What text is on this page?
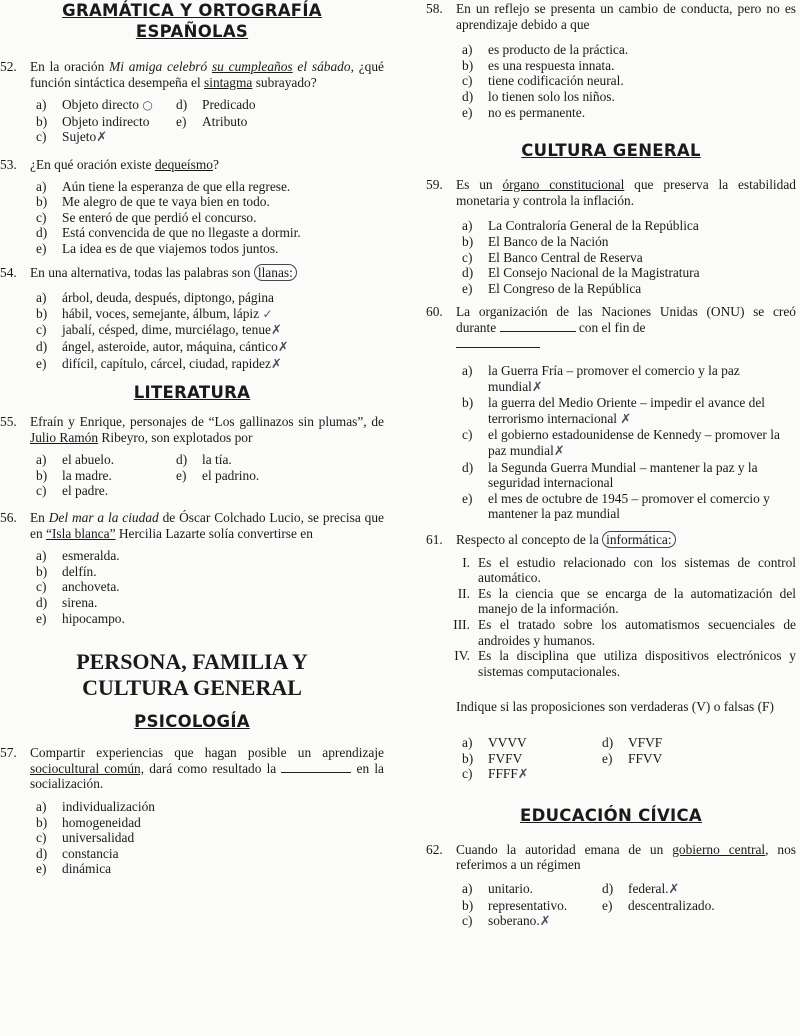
GRAMÁTICA Y ORTOGRAFÍA
ESPAÑOLAS
52. En la oración Mi amiga celebró su cumpleaños el sábado, ¿qué función sintáctica desempeña el sintagma subrayado?
a)	Objeto directo ○	d)	Predicado
b)	Objeto indirecto	e)	Atributo
c)	Sujeto✗
53. ¿En qué oración existe dequeísmo?
a)	Aún tiene la esperanza de que ella regrese.
b)	Me alegro de que te vaya bien en todo.
c)	Se enteró de que perdió el concurso.
d)	Está convencida de que no llegaste a dormir.
e)	La idea es de que viajemos todos juntos.
54. En una alternativa, todas las palabras son llanas:
a)	árbol, deuda, después, diptongo, página
b)	hábil, voces, semejante, álbum, lápiz ✓
c)	jabalí, césped, dime, murciélago, tenue✗
d)	ángel, asteroide, autor, máquina, cántico✗
e)	difícil, capítulo, cárcel, ciudad, rapidez✗
LITERATURA
55. Efraín y Enrique, personajes de “Los gallinazos sin plumas”, de Julio Ramón Ribeyro, son explotados por
a)	el abuelo.	d)	la tía.
b)	la madre.	e)	el padrino.
c)	el padre.
56. En Del mar a la ciudad de Óscar Colchado Lucio, se precisa que en “Isla blanca” Hercilia Lazarte solía convertirse en
a)	esmeralda.
b)	delfín.
c)	anchoveta.
d)	sirena.
e)	hipocampo.
PERSONA, FAMILIA Y
CULTURA GENERAL
PSICOLOGÍA
57. Compartir experiencias que hagan posible un aprendizaje sociocultural común, dará como resultado la	en la socialización.
a)	individualización
b)	homogeneidad
c)	universalidad
d)	constancia
e)	dinámica
58. En un reflejo se presenta un cambio de conducta, pero no es aprendizaje debido a que
a)	es producto de la práctica.
b)	es una respuesta innata.
c)	tiene codificación neural.
d)	lo tienen solo los niños.
e)	no es permanente.
CULTURA GENERAL
59. Es un órgano constitucional que preserva la estabilidad monetaria y controla la inflación.
a)	La Contraloría General de la República
b)	El Banco de la Nación
c)	El Banco Central de Reserva
d)	El Consejo Nacional de la Magistratura
e)	El Congreso de la República
60. La organización de las Naciones Unidas (ONU) se creó durante	con el fin de

a)	la Guerra Fría – promover el comercio y la paz mundial✗
b)	la guerra del Medio Oriente – impedir el avance del terrorismo internacional ✗
c)	el gobierno estadounidense de Kennedy – promover la paz mundial✗
d)	la Segunda Guerra Mundial – mantener la paz y la seguridad internacional
e)	el mes de octubre de 1945 – promover el comercio y mantener la paz mundial
61. Respecto al concepto de la informática:
I. Es el estudio relacionado con los sistemas de control automático.
II. Es la ciencia que se encarga de la automatización del manejo de la información.
III. Es el tratado sobre los automatismos secuenciales de androides y humanos.
IV. Es la disciplina que utiliza dispositivos electrónicos y sistemas computacionales.
Indique si las proposiciones son verdaderas (V) o falsas (F)
a)	VVVV	d)	VFVF
b)	FVFV	e)	FFVV
c)	FFFF✗
EDUCACIÓN CÍVICA
62. Cuando la autoridad emana de un gobierno central, nos referimos a un régimen
a)	unitario.	d)	federal.✗
b)	representativo.	e)	descentralizado.
c)	soberano.✗
